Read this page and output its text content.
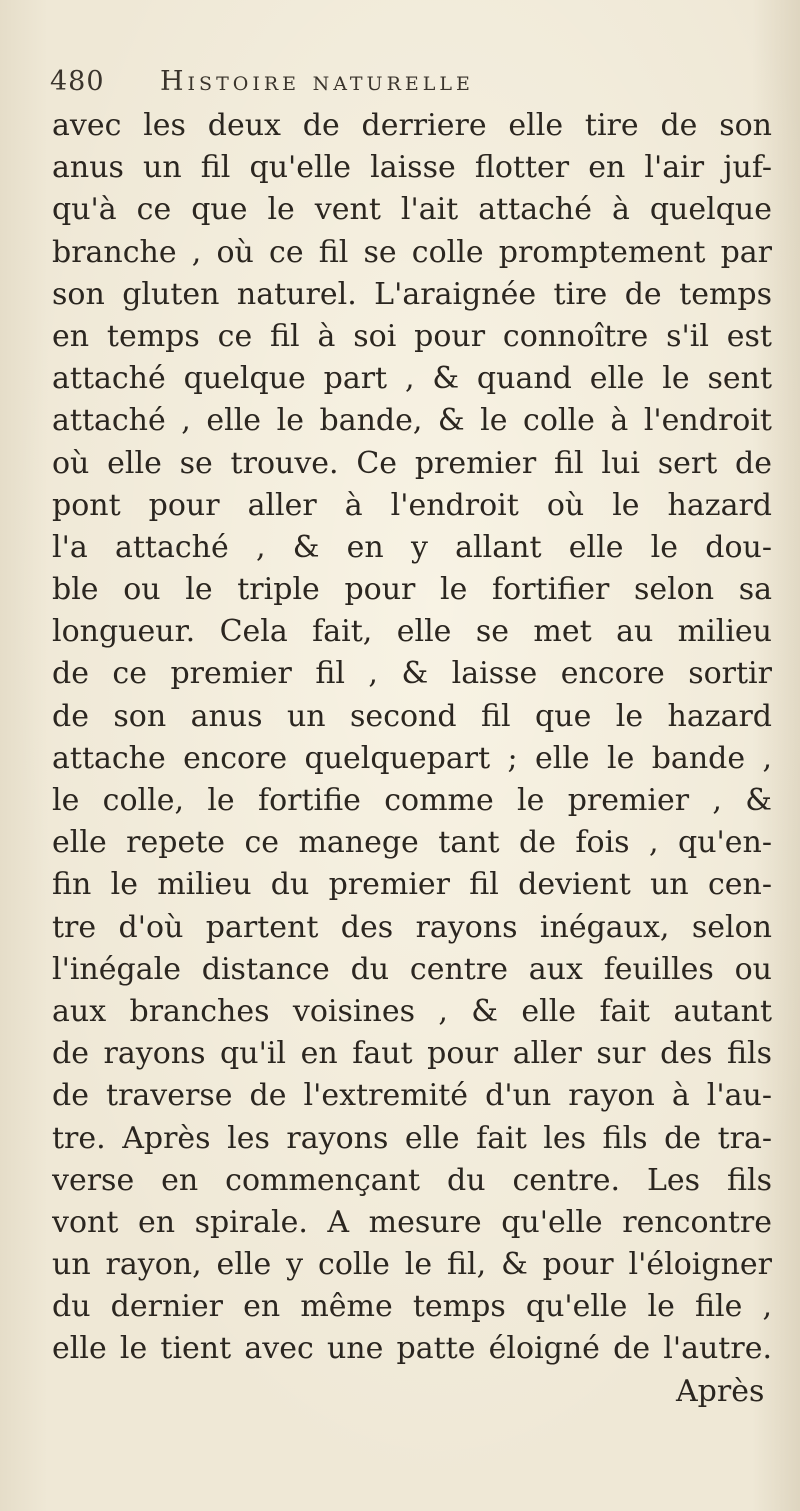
480 Histoire naturelle
avec les deux de derriere elle tire de son
anus un fil qu'elle laisse flotter en l'air juf-
qu'à ce que le vent l'ait attaché à quelque
branche , où ce fil se colle promptement par
son gluten naturel. L'araignée tire de temps
en temps ce fil à soi pour connoître s'il est
attaché quelque part , & quand elle le sent
attaché , elle le bande, & le colle à l'endroit
où elle se trouve. Ce premier fil lui sert de
pont pour aller à l'endroit où le hazard
l'a attaché , & en y allant elle le dou-
ble ou le triple pour le fortifier selon sa
longueur. Cela fait, elle se met au milieu
de ce premier fil , & laisse encore sortir
de son anus un second fil que le hazard
attache encore quelquepart ; elle le bande ,
le colle, le fortifie comme le premier , &
elle repete ce manege tant de fois , qu'en-
fin le milieu du premier fil devient un cen-
tre d'où partent des rayons inégaux, selon
l'inégale distance du centre aux feuilles ou
aux branches voisines , & elle fait autant
de rayons qu'il en faut pour aller sur des fils
de traverse de l'extremité d'un rayon à l'au-
tre. Après les rayons elle fait les fils de tra-
verse en commençant du centre. Les fils
vont en spirale. A mesure qu'elle rencontre
un rayon, elle y colle le fil, & pour l'éloigner
du dernier en même temps qu'elle le file ,
elle le tient avec une patte éloigné de l'autre.
Après
